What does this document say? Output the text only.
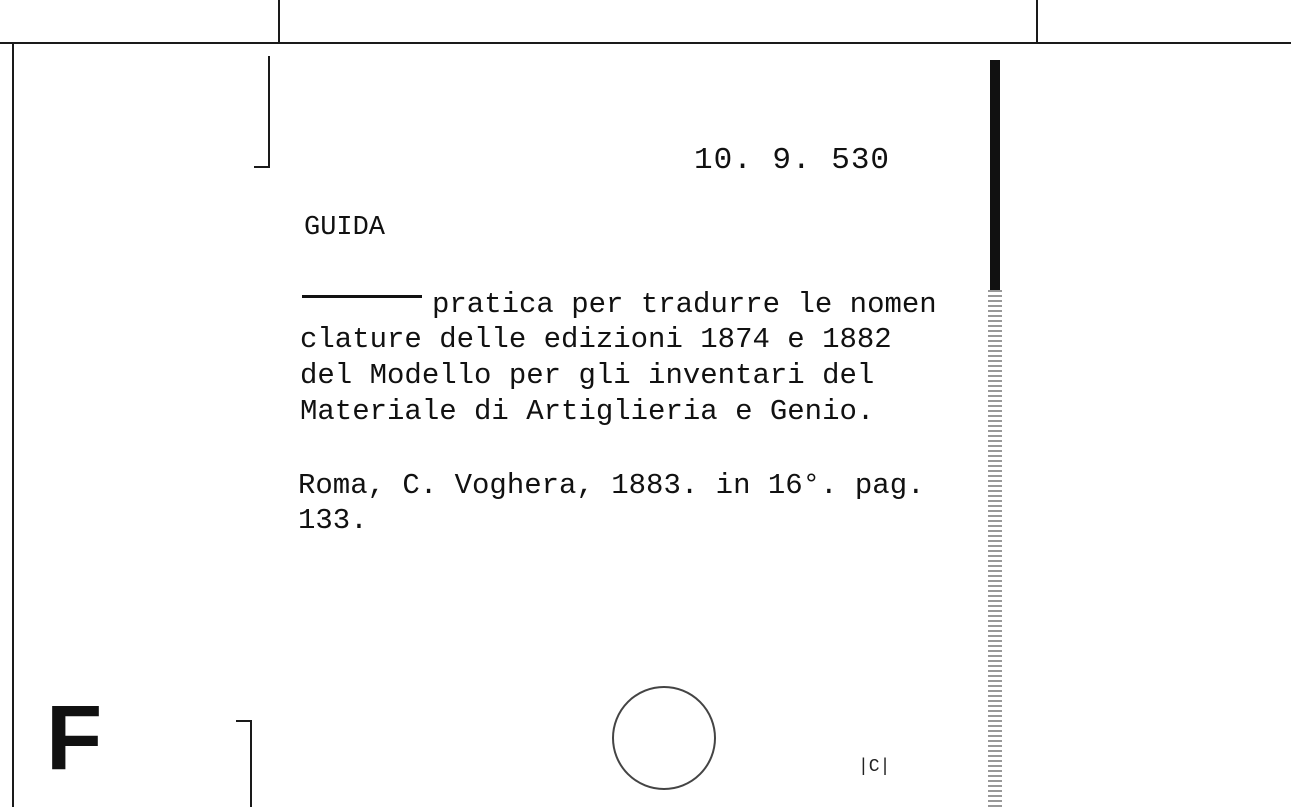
10. 9. 530
GUIDA
pratica per tradurre le nomen
clature delle edizioni 1874 e 1882
del Modello per gli inventari del
Materiale di Artiglieria e Genio.
Roma, C. Voghera, 1883. in 16°. pag.
133.
F	|C|
